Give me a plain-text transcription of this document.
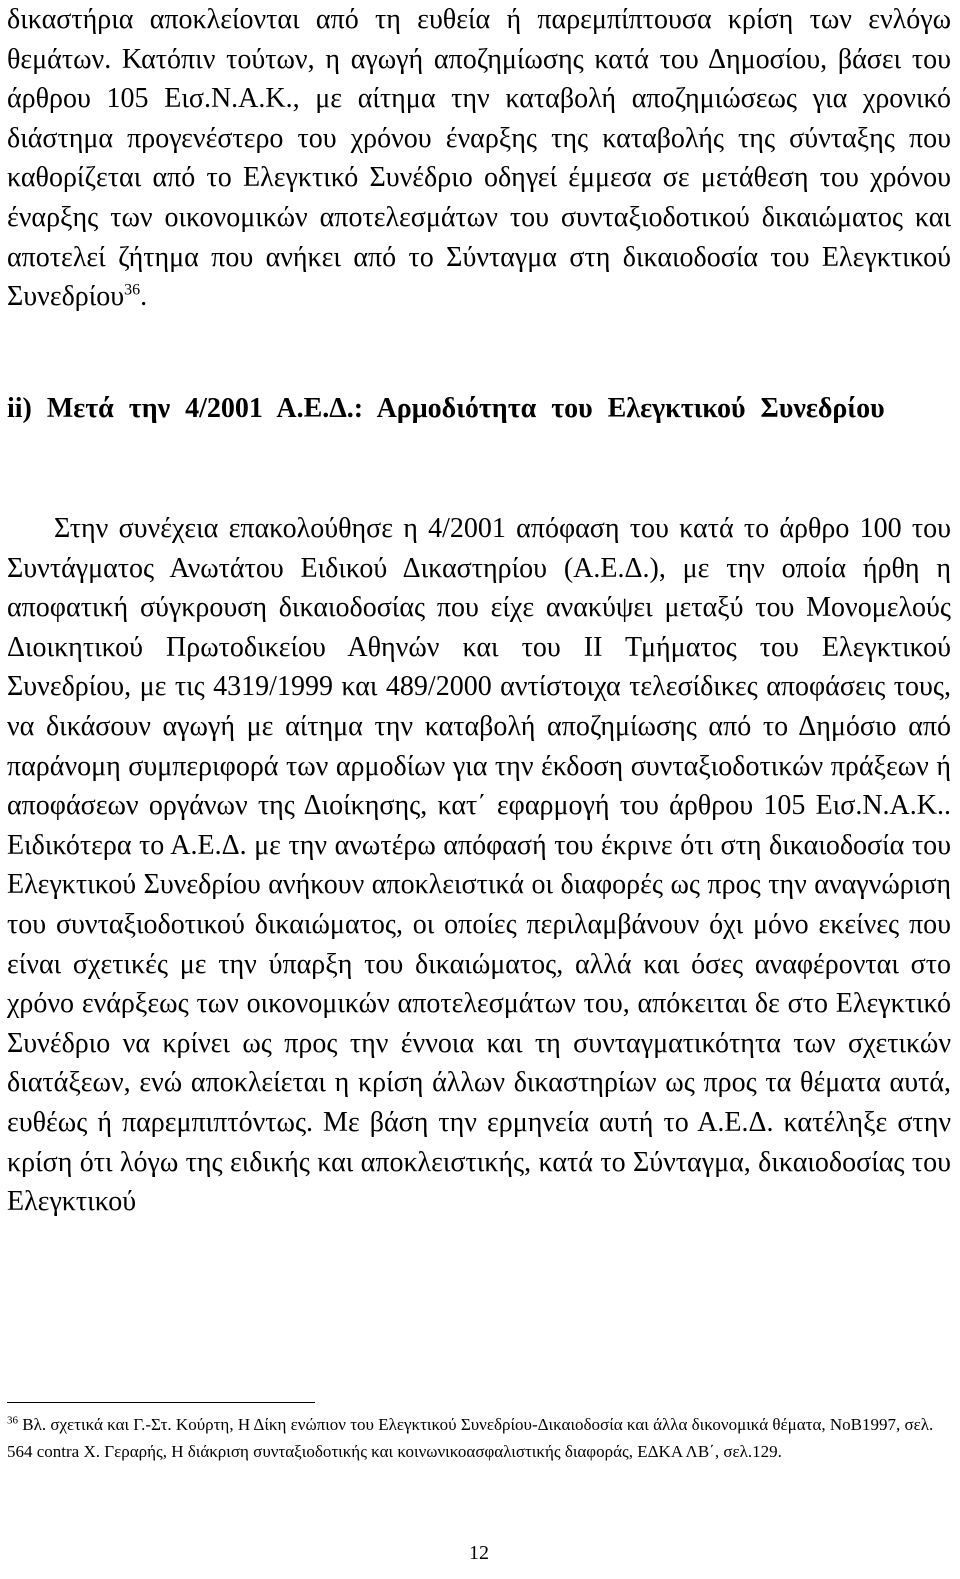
δικαστήρια αποκλείονται από τη ευθεία ή παρεμπίπτουσα κρίση των ενλόγω θεμάτων. Κατόπιν τούτων, η αγωγή αποζημίωσης κατά του Δημοσίου, βάσει του άρθρου 105 Εισ.Ν.Α.Κ., με αίτημα την καταβολή αποζημιώσεως για χρονικό διάστημα προγενέστερο του χρόνου έναρξης της καταβολής της σύνταξης που καθορίζεται από το Ελεγκτικό Συνέδριο οδηγεί έμμεσα σε μετάθεση του χρόνου έναρξης των οικονομικών αποτελεσμάτων του συνταξιοδοτικού δικαιώματος και αποτελεί ζήτημα που ανήκει από το Σύνταγμα στη δικαιοδοσία του Ελεγκτικού Συνεδρίου$^{36}$.

ii) Μετά την 4/2001 Α.Ε.Δ.: Αρμοδιότητα του Ελεγκτικού Συνεδρίου

Στην συνέχεια επακολούθησε η 4/2001 απόφαση του κατά το άρθρο 100 του Συντάγματος Ανωτάτου Ειδικού Δικαστηρίου (Α.Ε.Δ.), με την οποία ήρθη η αποφατική σύγκρουση δικαιοδοσίας που είχε ανακύψει μεταξύ του Μονομελούς Διοικητικού Πρωτοδικείου Αθηνών και του ΙΙ Τμήματος του Ελεγκτικού Συνεδρίου, με τις 4319/1999 και 489/2000 αντίστοιχα τελεσίδικες αποφάσεις τους, να δικάσουν αγωγή με αίτημα την καταβολή αποζημίωσης από το Δημόσιο από παράνομη συμπεριφορά των αρμοδίων για την έκδοση συνταξιοδοτικών πράξεων ή αποφάσεων οργάνων της Διοίκησης, κατ΄ εφαρμογή του άρθρου 105 Εισ.Ν.Α.Κ.. Ειδικότερα το Α.Ε.Δ. με την ανωτέρω απόφασή του έκρινε ότι στη δικαιοδοσία του Ελεγκτικού Συνεδρίου ανήκουν αποκλειστικά οι διαφορές ως προς την αναγνώριση του συνταξιοδοτικού δικαιώματος, οι οποίες περιλαμβάνουν όχι μόνο εκείνες που είναι σχετικές με την ύπαρξη του δικαιώματος, αλλά και όσες αναφέρονται στο χρόνο ενάρξεως των οικονομικών αποτελεσμάτων του, απόκειται δε στο Ελεγκτικό Συνέδριο να κρίνει ως προς την έννοια και τη συνταγματικότητα των σχετικών διατάξεων, ενώ αποκλείεται η κρίση άλλων δικαστηρίων ως προς τα θέματα αυτά, ευθέως ή παρεμπιπτόντως. Με βάση την ερμηνεία αυτή το Α.Ε.Δ. κατέληξε στην κρίση ότι λόγω της ειδικής και αποκλειστικής, κατά το Σύνταγμα, δικαιοδοσίας του Ελεγκτικού

$^{36}$ Βλ. σχετικά και Γ.-Στ. Κούρτη, Η Δίκη ενώπιον του Ελεγκτικού Συνεδρίου-Δικαιοδοσία και άλλα δικονομικά θέματα, ΝοΒ1997, σελ. 564 contra Χ. Γεραρής, Η διάκριση συνταξιοδοτικής και κοινωνικοασφαλιστικής διαφοράς, ΕΔΚΑ ΛΒ΄, σελ.129.

12
